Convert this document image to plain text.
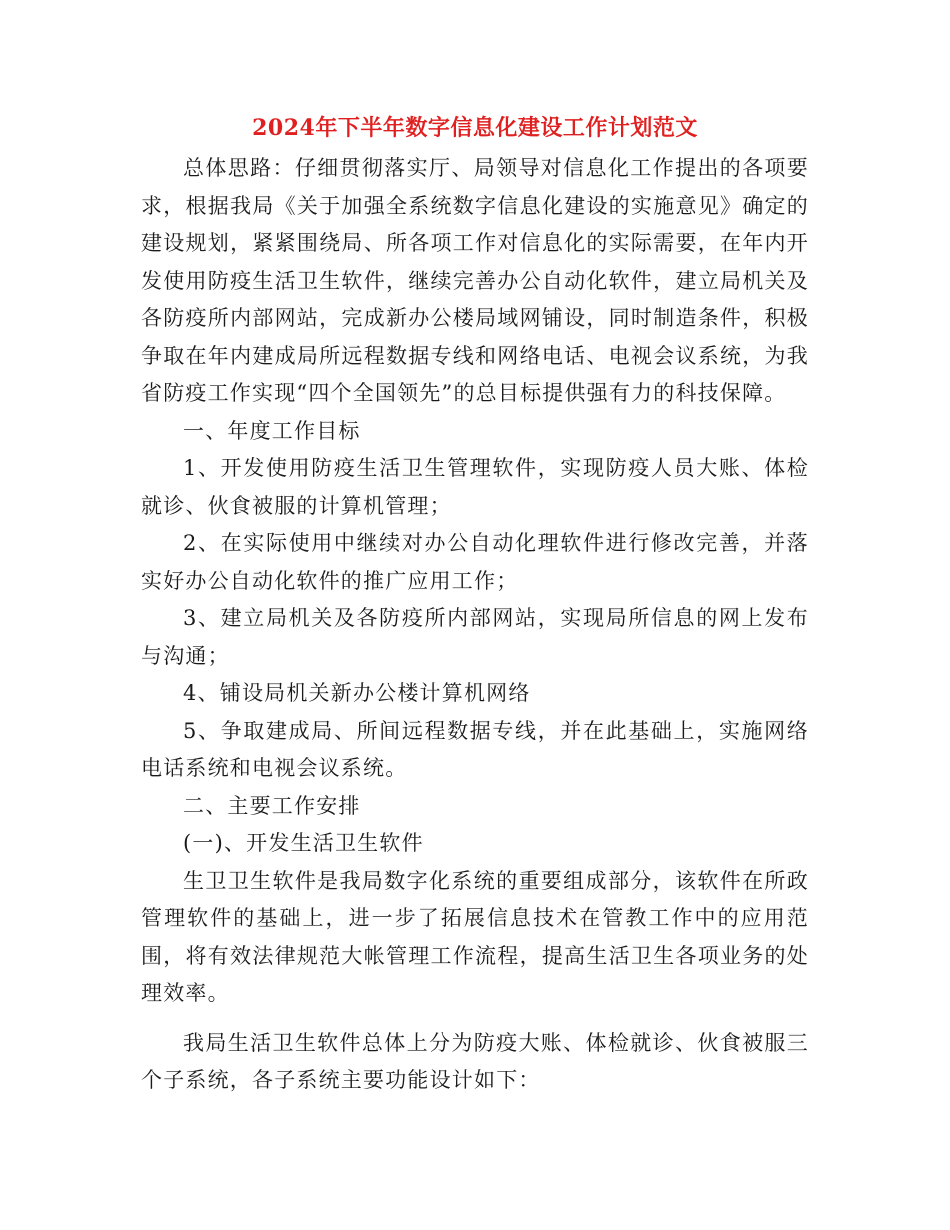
2024年下半年数字信息化建设工作计划范文

总体思路：仔细贯彻落实厅、局领导对信息化工作提出的各项要求，根据我局《关于加强全系统数字信息化建设的实施意见》确定的建设规划，紧紧围绕局、所各项工作对信息化的实际需要，在年内开发使用防疫生活卫生软件，继续完善办公自动化软件，建立局机关及各防疫所内部网站，完成新办公楼局域网铺设，同时制造条件，积极争取在年内建成局所远程数据专线和网络电话、电视会议系统，为我省防疫工作实现“四个全国领先”的总目标提供强有力的科技保障。

一、年度工作目标

1、开发使用防疫生活卫生管理软件，实现防疫人员大账、体检就诊、伙食被服的计算机管理；

2、在实际使用中继续对办公自动化理软件进行修改完善，并落实好办公自动化软件的推广应用工作；

3、建立局机关及各防疫所内部网站，实现局所信息的网上发布与沟通；

4、铺设局机关新办公楼计算机网络

5、争取建成局、所间远程数据专线，并在此基础上，实施网络电话系统和电视会议系统。

二、主要工作安排

(一)、开发生活卫生软件

生卫卫生软件是我局数字化系统的重要组成部分，该软件在所政管理软件的基础上，进一步了拓展信息技术在管教工作中的应用范围，将有效法律规范大帐管理工作流程，提高生活卫生各项业务的处理效率。

我局生活卫生软件总体上分为防疫大账、体检就诊、伙食被服三个子系统，各子系统主要功能设计如下：
